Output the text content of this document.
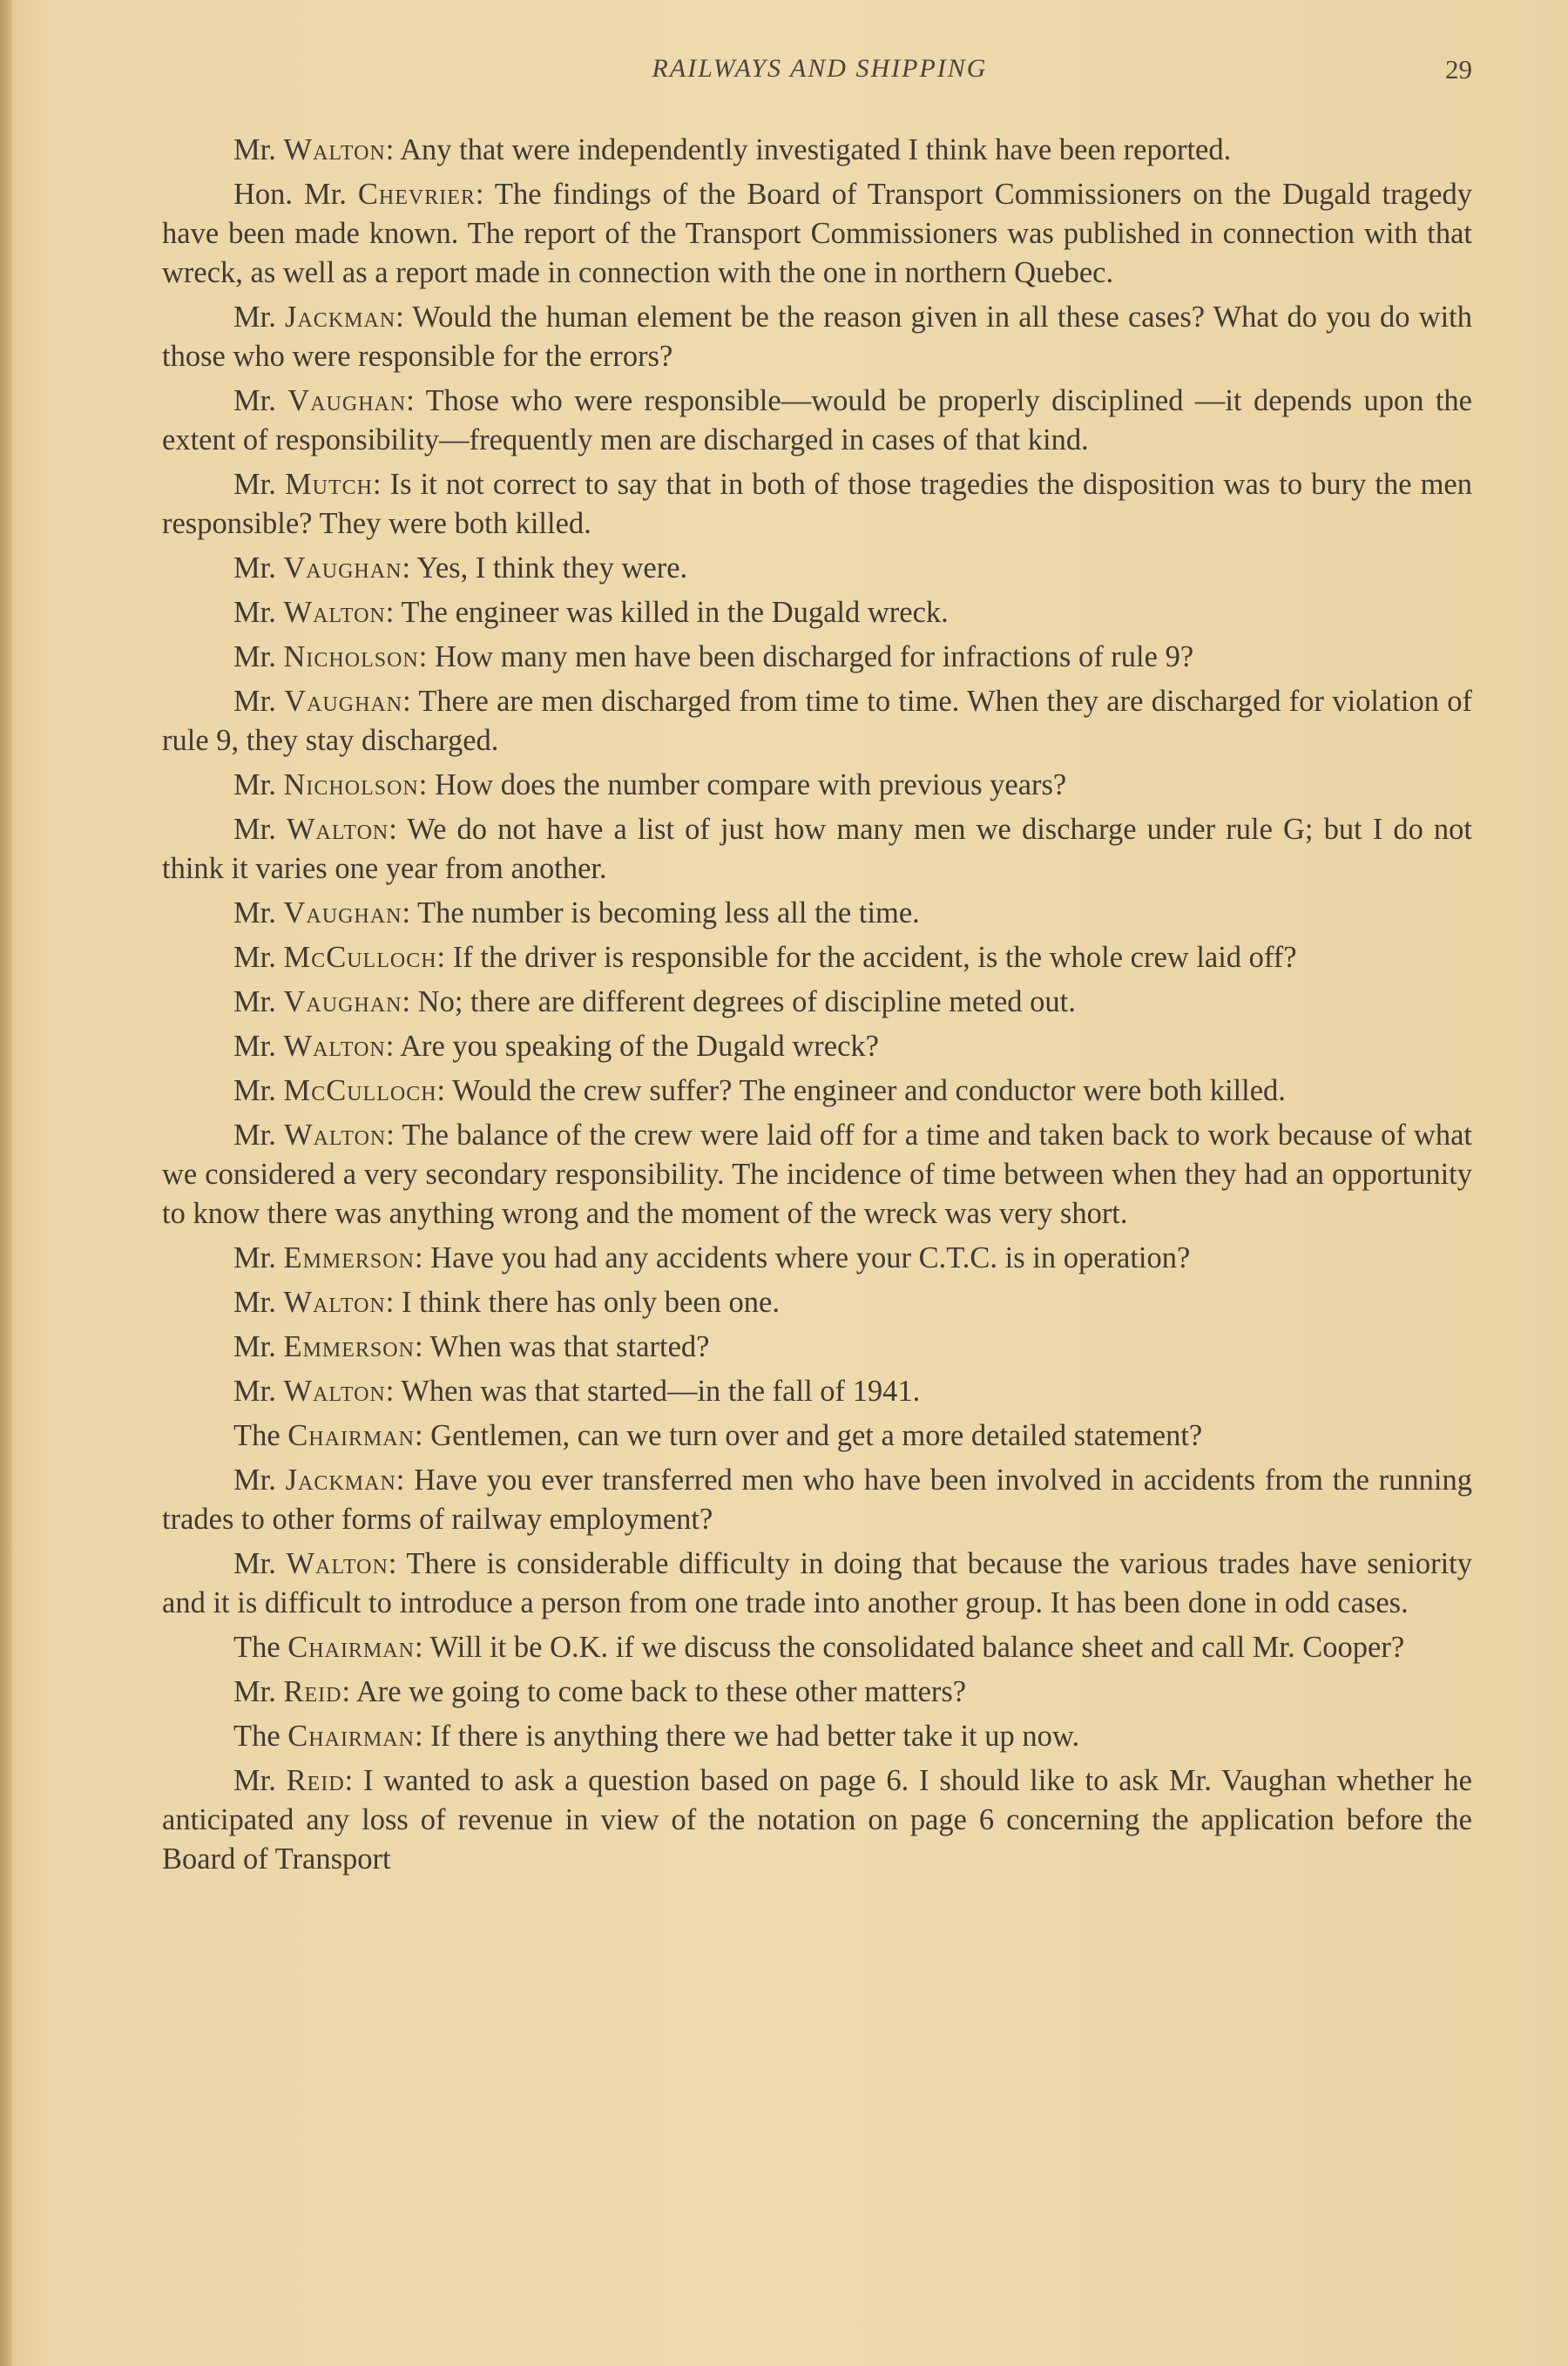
RAILWAYS AND SHIPPING	29

Mr. Walton: Any that were independently investigated I think have been reported.

Hon. Mr. Chevrier: The findings of the Board of Transport Commissioners on the Dugald tragedy have been made known. The report of the Transport Commissioners was published in connection with that wreck, as well as a report made in connection with the one in northern Quebec.

Mr. Jackman: Would the human element be the reason given in all these cases? What do you do with those who were responsible for the errors?

Mr. Vaughan: Those who were responsible—would be properly disciplined —it depends upon the extent of responsibility—frequently men are discharged in cases of that kind.

Mr. Mutch: Is it not correct to say that in both of those tragedies the disposition was to bury the men responsible? They were both killed.

Mr. Vaughan: Yes, I think they were.

Mr. Walton: The engineer was killed in the Dugald wreck.

Mr. Nicholson: How many men have been discharged for infractions of rule 9?

Mr. Vaughan: There are men discharged from time to time. When they are discharged for violation of rule 9, they stay discharged.

Mr. Nicholson: How does the number compare with previous years?

Mr. Walton: We do not have a list of just how many men we discharge under rule G; but I do not think it varies one year from another.

Mr. Vaughan: The number is becoming less all the time.

Mr. McCulloch: If the driver is responsible for the accident, is the whole crew laid off?

Mr. Vaughan: No; there are different degrees of discipline meted out.

Mr. Walton: Are you speaking of the Dugald wreck?

Mr. McCulloch: Would the crew suffer? The engineer and conductor were both killed.

Mr. Walton: The balance of the crew were laid off for a time and taken back to work because of what we considered a very secondary responsibility. The incidence of time between when they had an opportunity to know there was anything wrong and the moment of the wreck was very short.

Mr. Emmerson: Have you had any accidents where your C.T.C. is in operation?

Mr. Walton: I think there has only been one.

Mr. Emmerson: When was that started?

Mr. Walton: When was that started—in the fall of 1941.

The Chairman: Gentlemen, can we turn over and get a more detailed statement?

Mr. Jackman: Have you ever transferred men who have been involved in accidents from the running trades to other forms of railway employment?

Mr. Walton: There is considerable difficulty in doing that because the various trades have seniority and it is difficult to introduce a person from one trade into another group. It has been done in odd cases.

The Chairman: Will it be O.K. if we discuss the consolidated balance sheet and call Mr. Cooper?

Mr. Reid: Are we going to come back to these other matters?

The Chairman: If there is anything there we had better take it up now.

Mr. Reid: I wanted to ask a question based on page 6. I should like to ask Mr. Vaughan whether he anticipated any loss of revenue in view of the notation on page 6 concerning the application before the Board of Transport
